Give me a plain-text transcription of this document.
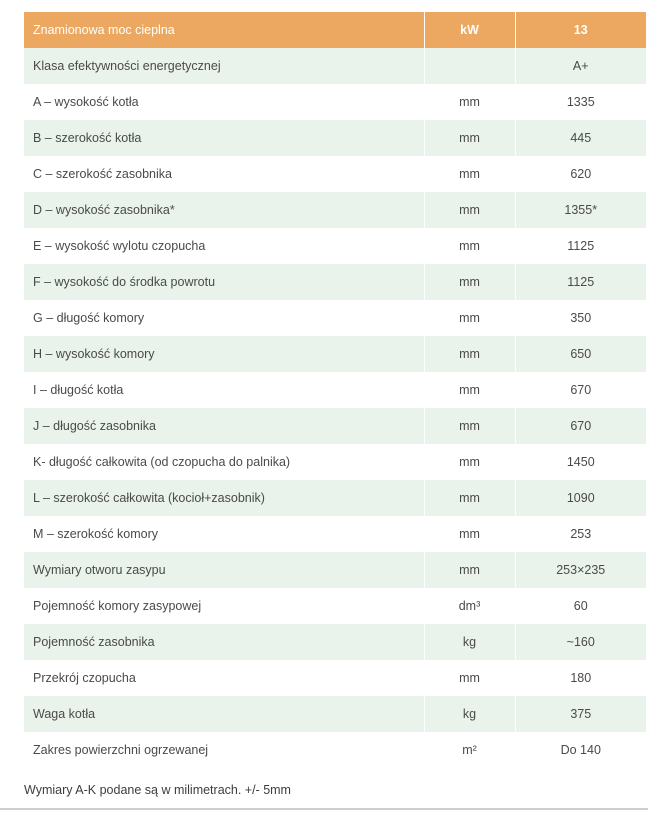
Znamionowa moc cieplna	kW	13
Klasa efektywności energetycznej		A+
A – wysokość kotła	mm	1335
B – szerokość kotła	mm	445
C – szerokość zasobnika	mm	620
D – wysokość zasobnika*	mm	1355*
E – wysokość wylotu czopucha	mm	1125
F – wysokość do środka powrotu	mm	1125
G – długość komory	mm	350
H – wysokość komory	mm	650
I – długość kotła	mm	670
J – długość zasobnika	mm	670
K- długość całkowita (od czopucha do palnika)	mm	1450
L – szerokość całkowita (kocioł+zasobnik)	mm	1090
M – szerokość komory	mm	253
Wymiary otworu zasypu	mm	253×235
Pojemność komory zasypowej	dm³	60
Pojemność zasobnika	kg	~160
Przekrój czopucha	mm	180
Waga kotła	kg	375
Zakres powierzchni ogrzewanej	m²	Do 140
Wymiary A-K podane są w milimetrach. +/- 5mm
